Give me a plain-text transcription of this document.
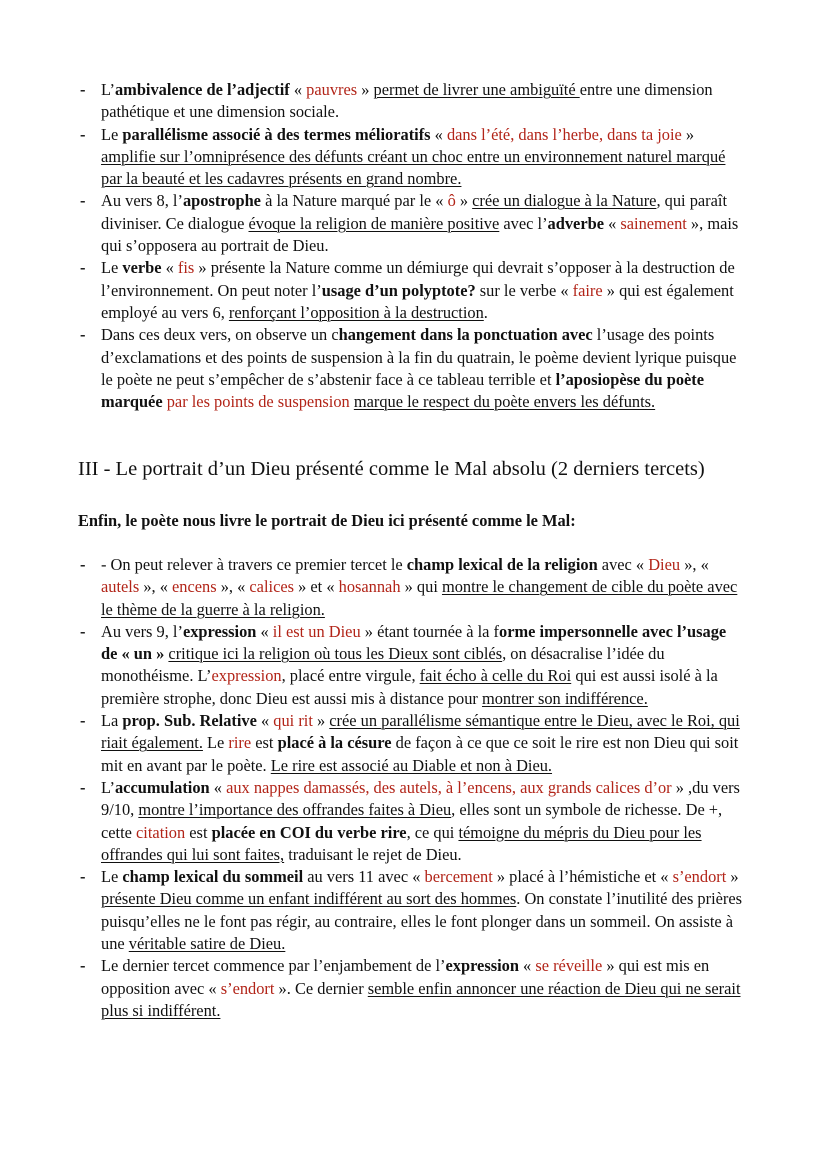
- L’ambivalence de l’adjectif « pauvres » permet de livrer une ambiguïté entre une dimension pathétique et une dimension sociale.
- Le parallélisme associé à des termes mélioratifs « dans l’été, dans l’herbe, dans ta joie » amplifie sur l’omniprésence des défunts créant un choc entre un environnement naturel marqué par la beauté et les cadavres présents en grand nombre.
- Au vers 8, l’apostrophe à la Nature marqué par le « ô » crée un dialogue à la Nature, qui paraît diviniser. Ce dialogue évoque la religion de manière positive avec l’adverbe « sainement », mais qui s’opposera au portrait de Dieu.
- Le verbe « fis » présente la Nature comme un démiurge qui devrait s’opposer à la destruction de l’environnement. On peut noter l’usage d’un polyptote? sur le verbe « faire » qui est également employé au vers 6, renforçant l’opposition à la destruction.
- Dans ces deux vers, on observe un changement dans la ponctuation avec l’usage des points d’exclamations et des points de suspension à la fin du quatrain, le poème devient lyrique puisque le poète ne peut s’empêcher de s’abstenir face à ce tableau terrible et l’aposiopèse du poète marquée par les points de suspension marque le respect du poète envers les défunts.
III - Le portrait d’un Dieu présenté comme le Mal absolu (2 derniers tercets)
Enfin, le poète nous livre le portrait de Dieu ici présenté comme le Mal:
- - On peut relever à travers ce premier tercet le champ lexical de la religion avec « Dieu », « autels », « encens », « calices » et « hosannah » qui montre le changement de cible du poète avec le thème de la guerre à la religion.
- Au vers 9, l’expression « il est un Dieu » étant tournée à la forme impersonnelle avec l’usage de « un » critique ici la religion où tous les Dieux sont ciblés, on désacralise l’idée du monothéisme. L’expression, placé entre virgule, fait écho à celle du Roi qui est aussi isolé à la première strophe, donc Dieu est aussi mis à distance pour montrer son indifférence.
- La prop. Sub. Relative « qui rit » crée un parallélisme sémantique entre le Dieu, avec le Roi, qui riait également. Le rire est placé à la césure de façon à ce que ce soit le rire est non Dieu qui soit mit en avant par le poète. Le rire est associé au Diable et non à Dieu.
- L’accumulation « aux nappes damassés, des autels, à l’encens, aux grands calices d’or » ,du vers 9/10, montre l’importance des offrandes faites à Dieu, elles sont un symbole de richesse. De +, cette citation est placée en COI du verbe rire, ce qui témoigne du mépris du Dieu pour les offrandes qui lui sont faites, traduisant le rejet de Dieu.
- Le champ lexical du sommeil au vers 11 avec « bercement » placé à l’hémistiche et « s’endort » présente Dieu comme un enfant indifférent au sort des hommes. On constate l’inutilité des prières puisqu’elles ne le font pas régir, au contraire, elles le font plonger dans un sommeil. On assiste à une véritable satire de Dieu.
- Le dernier tercet commence par l’enjambement de l’expression « se réveille » qui est mis en opposition avec « s’endort ». Ce dernier semble enfin annoncer une réaction de Dieu qui ne serait plus si indifférent.
